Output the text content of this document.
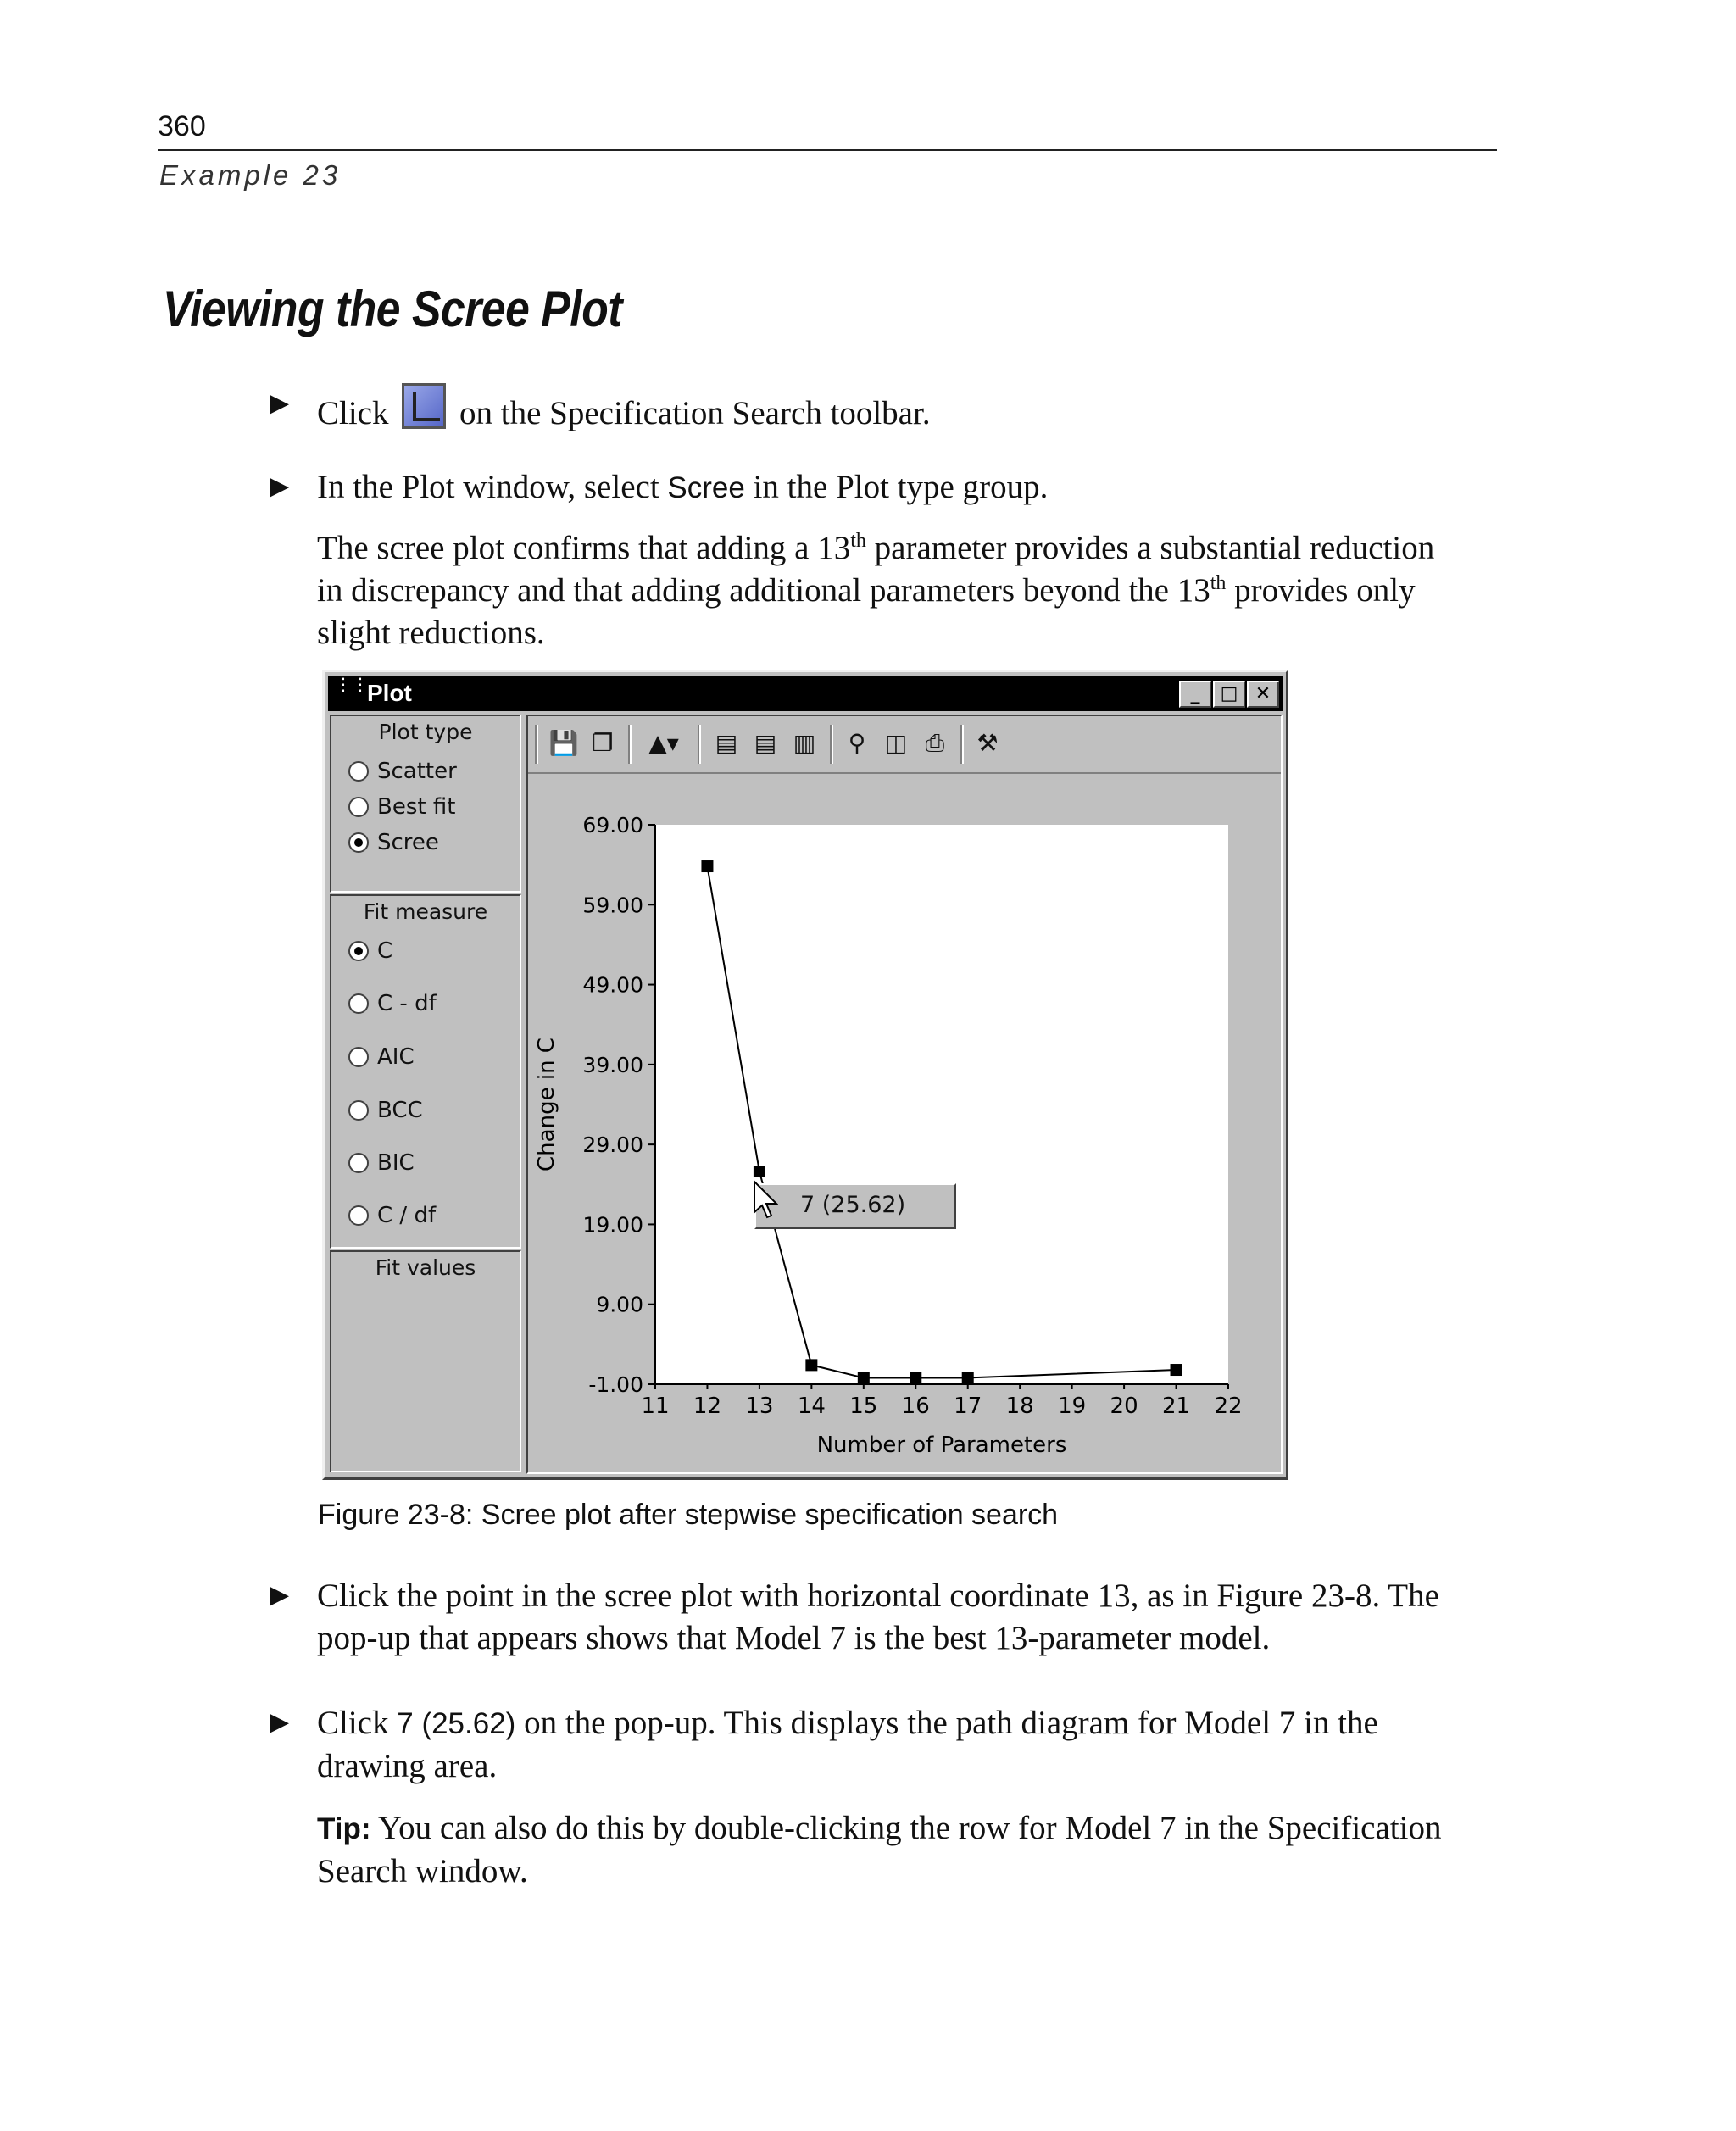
360
Example 23
Viewing the Scree Plot
▶ Click on the Specification Search toolbar.
▶ In the Plot window, select Scree in the Plot type group.
The scree plot confirms that adding a 13th parameter provides a substantial reduction
in discrepancy and that adding additional parameters beyond the 13th provides only
slight reductions.
⋮⋮
Plot	_	□ ✕
Plot type
Scatter
Best fit
Scree
Fit measure
C
C - df
AIC
BCC
BIC
C / df
Fit values
💾 ❐	▲▾	▤ ▤ ▥	⚲ ◫ ⎙	⚒
69.00
59.00
49.00
39.00
29.00
19.00
9.00
-1.00
11 12 13 14 15 16 17 18 19 20 21 22
Number of Parameters
Change in C
7 (25.62)
Figure 23-8: Scree plot after stepwise specification search
▶ Click the point in the scree plot with horizontal coordinate 13, as in Figure 23-8. The
pop-up that appears shows that Model 7 is the best 13-parameter model.
▶ Click 7 (25.62) on the pop-up. This displays the path diagram for Model 7 in the
drawing area.
Tip: You can also do this by double-clicking the row for Model 7 in the Specification
Search window.
